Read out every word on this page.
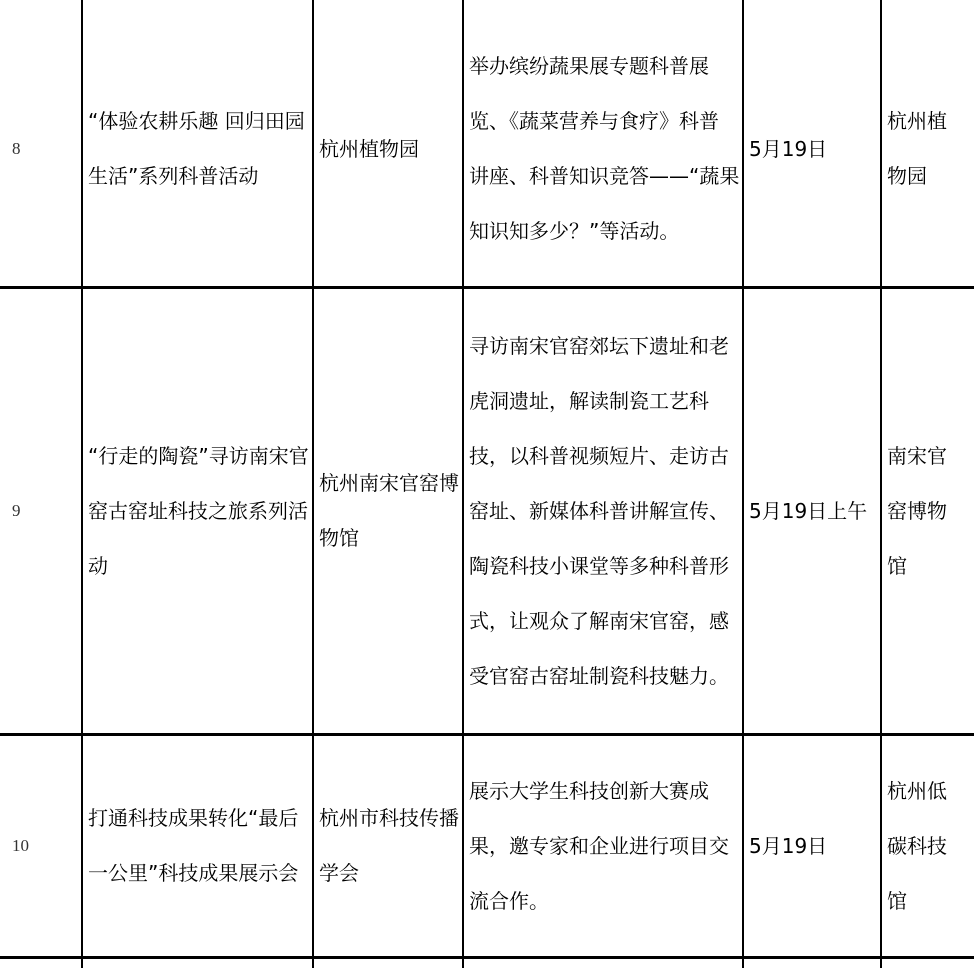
8
“体验农耕乐趣 回归田园
生活”系列科普活动
杭州植物园
举办缤纷蔬果展专题科普展
览、《蔬菜营养与食疗》科普
讲座、科普知识竞答——“蔬果
知识知多少？”等活动。
5月19日
杭州植
物园
9
“行走的陶瓷”寻访南宋官
窑古窑址科技之旅系列活
动
杭州南宋官窑博
物馆
寻访南宋官窑郊坛下遗址和老
虎洞遗址，解读制瓷工艺科
技，以科普视频短片、走访古
窑址、新媒体科普讲解宣传、
陶瓷科技小课堂等多种科普形
式，让观众了解南宋官窑，感
受官窑古窑址制瓷科技魅力。
5月19日上午
南宋官
窑博物
馆
10
打通科技成果转化“最后
一公里”科技成果展示会
杭州市科技传播
学会
展示大学生科技创新大赛成
果，邀专家和企业进行项目交
流合作。
5月19日
杭州低
碳科技
馆
